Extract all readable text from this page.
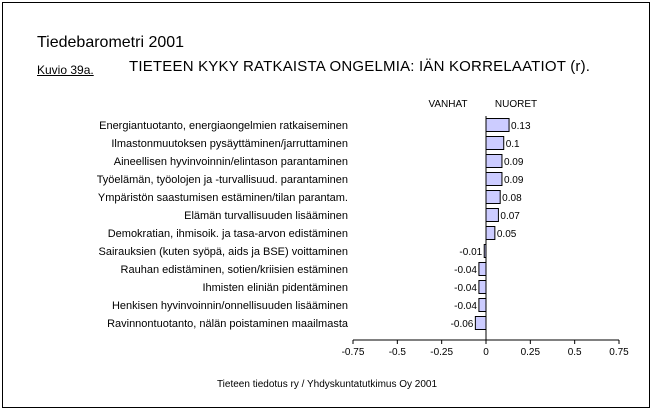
Tiedebarometri 2001
Kuvio 39a. TIETEEN KYKY RATKAISTA ONGELMIA: IÄN KORRELAATIOT (r).
VANHAT	NUORET
Energiantuotanto, energiaongelmien ratkaiseminen	0.13
Ilmastonmuutoksen pysäyttäminen/jarruttaminen	0.1
Aineellisen hyvinvoinnin/elintason parantaminen	0.09
Työelämän, työolojen ja -turvallisuud. parantaminen	0.09
Ympäristön saastumisen estäminen/tilan parantam.	0.08
Elämän turvallisuuden lisääminen	0.07
Demokratian, ihmisoik. ja tasa-arvon edistäminen	0.05
Sairauksien (kuten syöpä, aids ja BSE) voittaminen	-0.01
Rauhan edistäminen, sotien/kriisien estäminen	-0.04
Ihmisten eliniän pidentäminen	-0.04
Henkisen hyvinvoinnin/onnellisuuden lisääminen	-0.04
Ravinnontuotanto, nälän poistaminen maailmasta	-0.06
-0.75 -0.5 -0.25	0	0.25	0.5	0.75
Tieteen tiedotus ry / Yhdyskuntatutkimus Oy 2001
